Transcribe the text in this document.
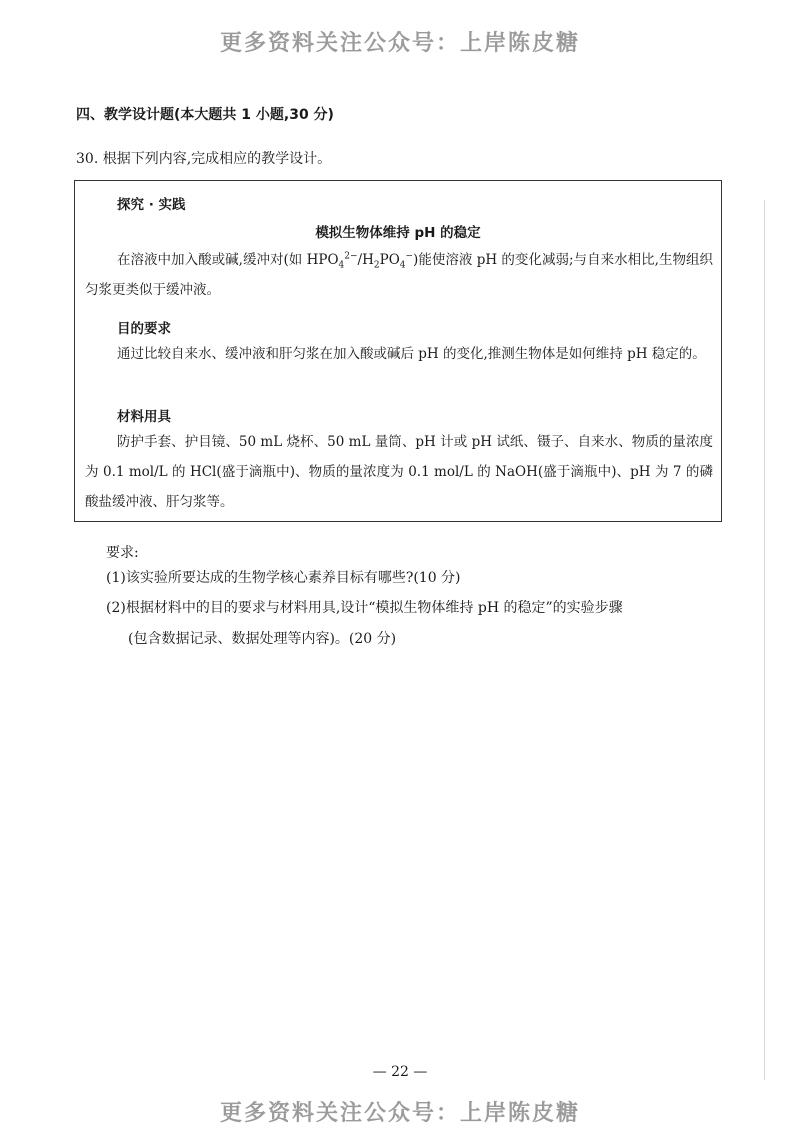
更多资料关注公众号：上岸陈皮糖
四、教学设计题(本大题共 1 小题,30 分)
30. 根据下列内容,完成相应的教学设计。
探究 · 实践
模拟生物体维持 pH 的稳定
在溶液中加入酸或碱,缓冲对(如 $HPO_4^{2-}/H_2PO_4^-$)能使溶液 pH 的变化减弱;与自来水相比,生物组织匀浆更类似于缓冲液。
目的要求
通过比较自来水、缓冲液和肝匀浆在加入酸或碱后 pH 的变化,推测生物体是如何维持 pH 稳定的。
材料用具
防护手套、护目镜、50 mL 烧杯、50 mL 量筒、pH 计或 pH 试纸、镊子、自来水、物质的量浓度为 0.1 mol/L 的 HCl(盛于滴瓶中)、物质的量浓度为 0.1 mol/L 的 NaOH(盛于滴瓶中)、pH 为 7 的磷酸盐缓冲液、肝匀浆等。
要求:
(1)该实验所要达成的生物学核心素养目标有哪些?(10 分)
(2)根据材料中的目的要求与材料用具,设计“模拟生物体维持 pH 的稳定”的实验步骤
(包含数据记录、数据处理等内容)。(20 分)
— 22 —
更多资料关注公众号：上岸陈皮糖
